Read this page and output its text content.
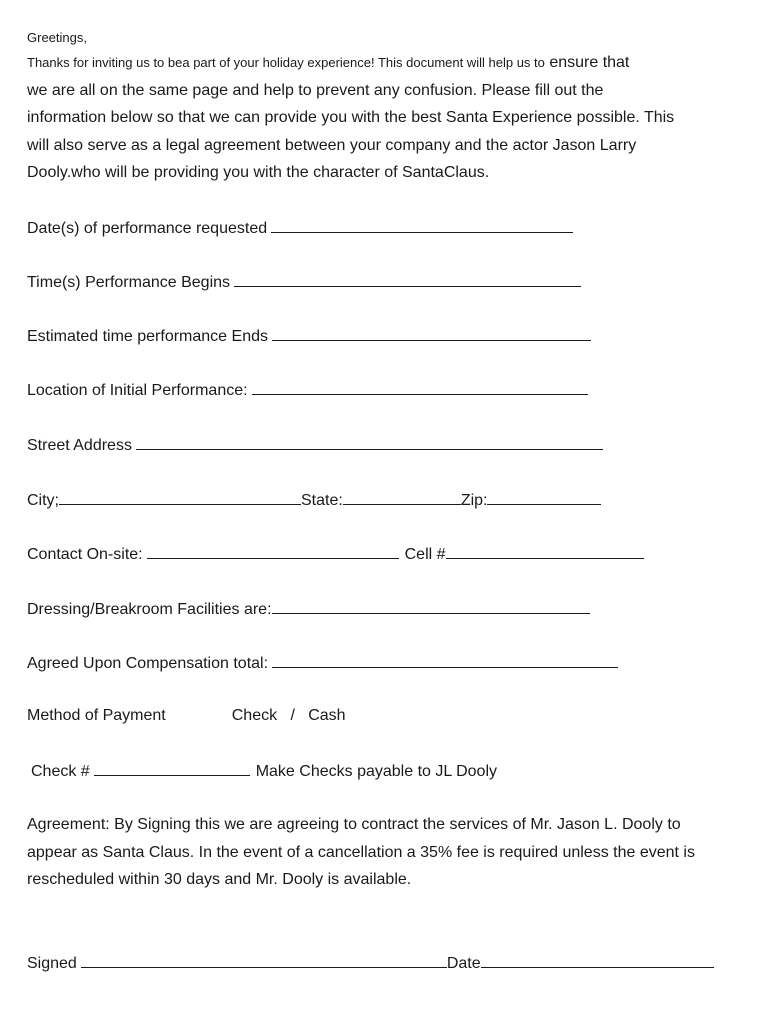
Greetings,
Thanks for inviting us to bea part of your holiday experience! This document will help us to ensure that
we are all on the same page and help to prevent any confusion. Please fill out the
information below so that we can provide you with the best Santa Experience possible. This
will also serve as a legal agreement between your company and the actor Jason Larry
Dooly.who will be providing you with the character of SantaClaus.
Date(s) of performance requested
Time(s) Performance Begins
Estimated time performance Ends
Location of Initial Performance:
Street Address
City;	State:	Zip:
Contact On-site:	Cell #
Dressing/Breakroom Facilities are:
Agreed Upon Compensation total:
Method of Payment	Check   /   Cash
Check #	Make Checks payable to JL Dooly
Agreement: By Signing this we are agreeing to contract the services of Mr. Jason L. Dooly to
appear as Santa Claus. In the event of a cancellation a 35% fee is required unless the event is
rescheduled within 30 days and Mr. Dooly is available.
Signed	Date
